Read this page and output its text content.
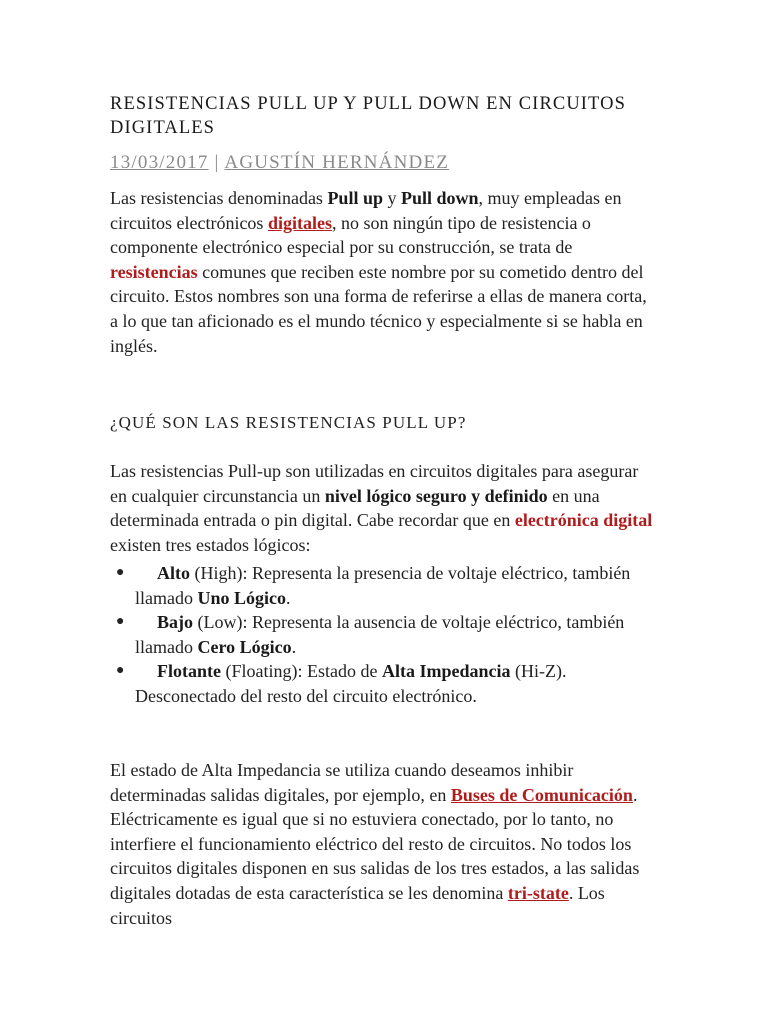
RESISTENCIAS PULL UP Y PULL DOWN EN CIRCUITOS DIGITALES

13/03/2017 | AGUSTÍN HERNÁNDEZ

Las resistencias denominadas Pull up y Pull down, muy empleadas en circuitos electrónicos digitales, no son ningún tipo de resistencia o componente electrónico especial por su construcción, se trata de resistencias comunes que reciben este nombre por su cometido dentro del circuito. Estos nombres son una forma de referirse a ellas de manera corta, a lo que tan aficionado es el mundo técnico y especialmente si se habla en inglés.

¿QUÉ SON LAS RESISTENCIAS PULL UP?

Las resistencias Pull-up son utilizadas en circuitos digitales para asegurar en cualquier circunstancia un nivel lógico seguro y definido en una determinada entrada o pin digital. Cabe recordar que en electrónica digital existen tres estados lógicos:

● Alto (High): Representa la presencia de voltaje eléctrico, también llamado Uno Lógico.
● Bajo (Low): Representa la ausencia de voltaje eléctrico, también llamado Cero Lógico.
● Flotante (Floating): Estado de Alta Impedancia (Hi-Z). Desconectado del resto del circuito electrónico.

El estado de Alta Impedancia se utiliza cuando deseamos inhibir determinadas salidas digitales, por ejemplo, en Buses de Comunicación. Eléctricamente es igual que si no estuviera conectado, por lo tanto, no interfiere el funcionamiento eléctrico del resto de circuitos. No todos los circuitos digitales disponen en sus salidas de los tres estados, a las salidas digitales dotadas de esta característica se les denomina tri-state. Los circuitos
